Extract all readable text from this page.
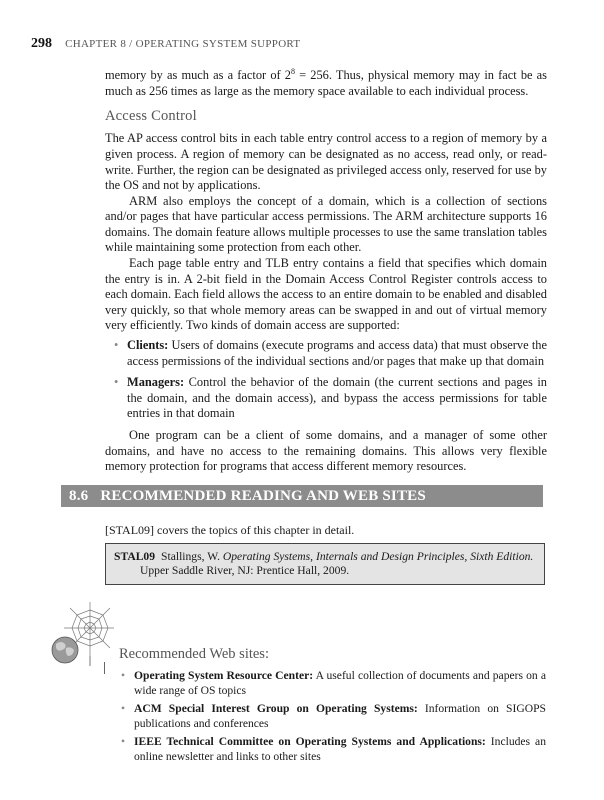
298 CHAPTER 8 / OPERATING SYSTEM SUPPORT

memory by as much as a factor of $2^8 = 256$. Thus, physical memory may in fact be as much as 256 times as large as the memory space available to each individual process.

Access Control

The AP access control bits in each table entry control access to a region of memory by a given process. A region of memory can be designated as no access, read only, or read-write. Further, the region can be designated as privileged access only, reserved for use by the OS and not by applications.

ARM also employs the concept of a domain, which is a collection of sections and/or pages that have particular access permissions. The ARM architecture supports 16 domains. The domain feature allows multiple processes to use the same translation tables while maintaining some protection from each other.

Each page table entry and TLB entry contains a field that specifies which domain the entry is in. A 2-bit field in the Domain Access Control Register controls access to each domain. Each field allows the access to an entire domain to be enabled and disabled very quickly, so that whole memory areas can be swapped in and out of virtual memory very efficiently. Two kinds of domain access are supported:

• Clients: Users of domains (execute programs and access data) that must observe the access permissions of the individual sections and/or pages that make up that domain
• Managers: Control the behavior of the domain (the current sections and pages in the domain, and the domain access), and bypass the access permissions for table entries in that domain

One program can be a client of some domains, and a manager of some other domains, and have no access to the remaining domains. This allows very flexible memory protection for programs that access different memory resources.

8.6 RECOMMENDED READING AND WEB SITES
[STAL09] covers the topics of this chapter in detail.
STAL09 Stallings, W. Operating Systems, Internals and Design Principles, Sixth Edition.
Upper Saddle River, NJ: Prentice Hall, 2009.
Recommended Web sites:
• Operating System Resource Center: A useful collection of documents and papers on a wide range of OS topics
• ACM Special Interest Group on Operating Systems: Information on SIGOPS publications and conferences
• IEEE Technical Committee on Operating Systems and Applications: Includes an online newsletter and links to other sites
